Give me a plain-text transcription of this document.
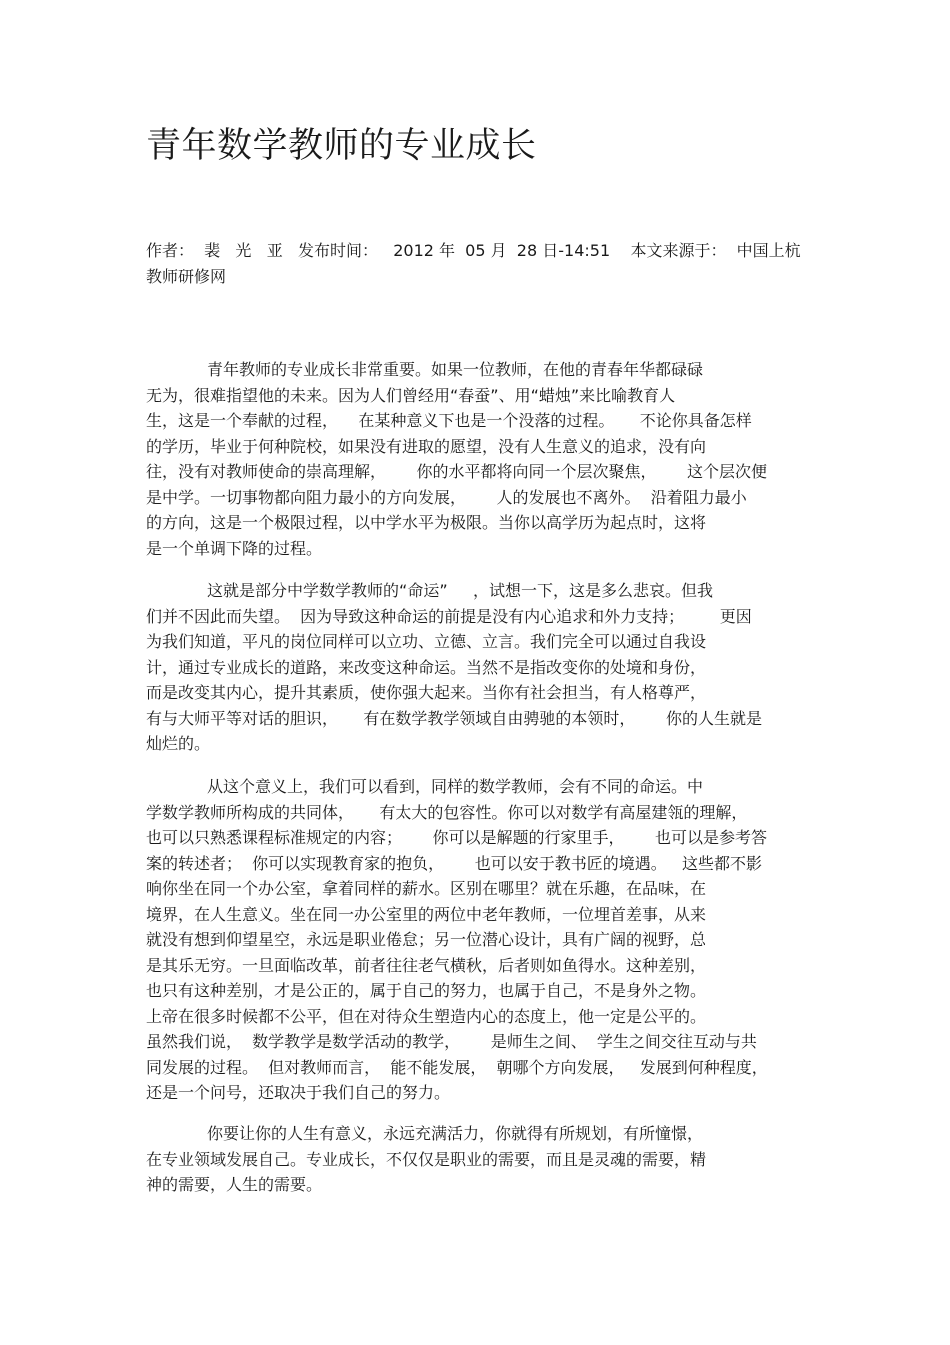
青年数学教师的专业成长
作者：  裴   光   亚   发布时间：   2012 年  05 月  28 日-14:51    本文来源于：  中国上杭
教师研修网
青年教师的专业成长非常重要。如果一位教师，在他的青春年华都碌碌
无为，很难指望他的未来。因为人们曾经用“春蚕”、用“蜡烛”来比喻教育人
生，这是一个奉献的过程，    在某种意义下也是一个没落的过程。     不论你具备怎样
的学历，毕业于何种院校，如果没有进取的愿望，没有人生意义的追求，没有向
往，没有对教师使命的崇高理解，      你的水平都将向同一个层次聚焦，      这个层次便
是中学。一切事物都向阻力最小的方向发展，      人的发展也不离外。  沿着阻力最小
的方向，这是一个极限过程，以中学水平为极限。当你以高学历为起点时，这将
是一个单调下降的过程。
这就是部分中学数学教师的“命运”     ，试想一下，这是多么悲哀。但我
们并不因此而失望。  因为导致这种命运的前提是没有内心追求和外力支持；       更因
为我们知道，平凡的岗位同样可以立功、立德、立言。我们完全可以通过自我设
计，通过专业成长的道路，来改变这种命运。当然不是指改变你的处境和身份，
而是改变其内心，提升其素质，使你强大起来。当你有社会担当，有人格尊严，
有与大师平等对话的胆识，     有在数学教学领域自由骋驰的本领时，      你的人生就是
灿烂的。
从这个意义上，我们可以看到，同样的数学教师，会有不同的命运。中
学数学教师所构成的共同体，     有太大的包容性。你可以对数学有高屋建瓴的理解，
也可以只熟悉课程标准规定的内容；      你可以是解题的行家里手，      也可以是参考答
案的转述者；  你可以实现教育家的抱负，      也可以安于教书匠的境遇。   这些都不影
响你坐在同一个办公室，拿着同样的薪水。区别在哪里？就在乐趣，在品味，在
境界，在人生意义。坐在同一办公室里的两位中老年教师，一位埋首差事，从来
就没有想到仰望星空，永远是职业倦怠；另一位潜心设计，具有广阔的视野，总
是其乐无穷。一旦面临改革，前者往往老气横秋，后者则如鱼得水。这种差别，
也只有这种差别，才是公正的，属于自己的努力，也属于自己，不是身外之物。
上帝在很多时候都不公平，但在对待众生塑造内心的态度上，他一定是公平的。
虽然我们说，  数学教学是数学活动的教学，      是师生之间、  学生之间交往互动与共
同发展的过程。  但对教师而言，  能不能发展，  朝哪个方向发展，   发展到何种程度，
还是一个问号，还取决于我们自己的努力。
你要让你的人生有意义，永远充满活力，你就得有所规划，有所憧憬，
在专业领域发展自己。专业成长，不仅仅是职业的需要，而且是灵魂的需要，精
神的需要，人生的需要。
